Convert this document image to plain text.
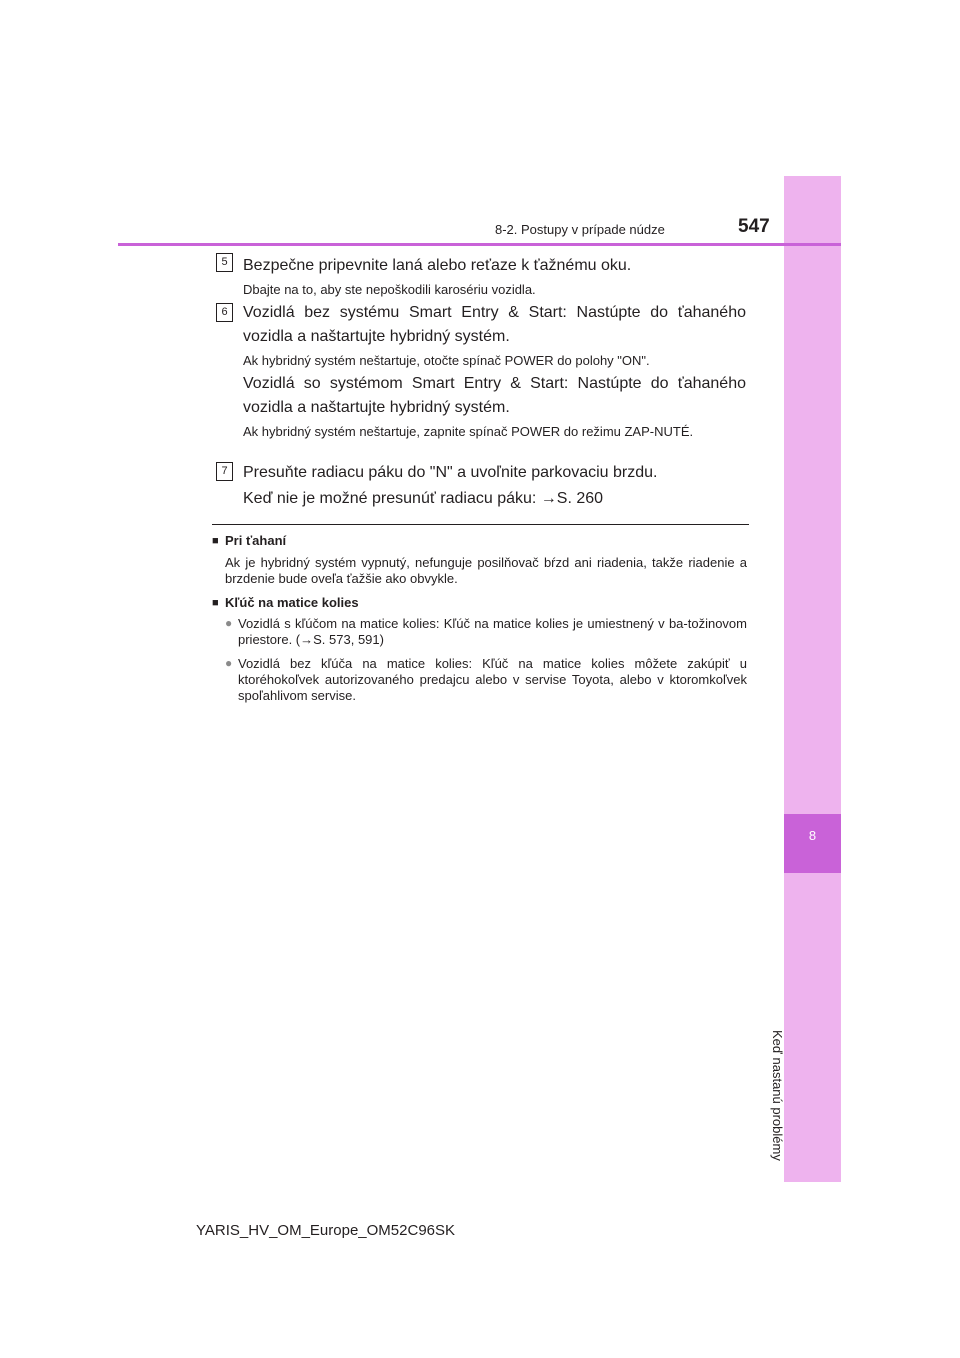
8
Keď nastanú problémy
8-2. Postupy v prípade núdze	547
5 Bezpečne pripevnite laná alebo reťaze k ťažnému oku.
Dbajte na to, aby ste nepoškodili karosériu vozidla.
6 Vozidlá bez systému Smart Entry & Start: Nastúpte do ťahaného vozidla a naštartujte hybridný systém.
Ak hybridný systém neštartuje, otočte spínač POWER do polohy "ON".
Vozidlá so systémom Smart Entry & Start: Nastúpte do ťahaného vozidla a naštartujte hybridný systém.
Ak hybridný systém neštartuje, zapnite spínač POWER do režimu ZAP-NUTÉ.
7 Presuňte radiacu páku do "N" a uvoľnite parkovaciu brzdu.
Keď nie je možné presunúť radiacu páku: →S. 260
■ Pri ťahaní
Ak je hybridný systém vypnutý, nefunguje posilňovač bŕzd ani riadenia, takže riadenie a brzdenie bude oveľa ťažšie ako obvykle.
■ Kľúč na matice kolies
● Vozidlá s kľúčom na matice kolies: Kľúč na matice kolies je umiestnený v ba-tožinovom priestore. (→S. 573, 591)
● Vozidlá bez kľúča na matice kolies: Kľúč na matice kolies môžete zakúpiť u ktoréhokoľvek autorizovaného predajcu alebo v servise Toyota, alebo v ktoromkoľvek spoľahlivom servise.
YARIS_HV_OM_Europe_OM52C96SK
